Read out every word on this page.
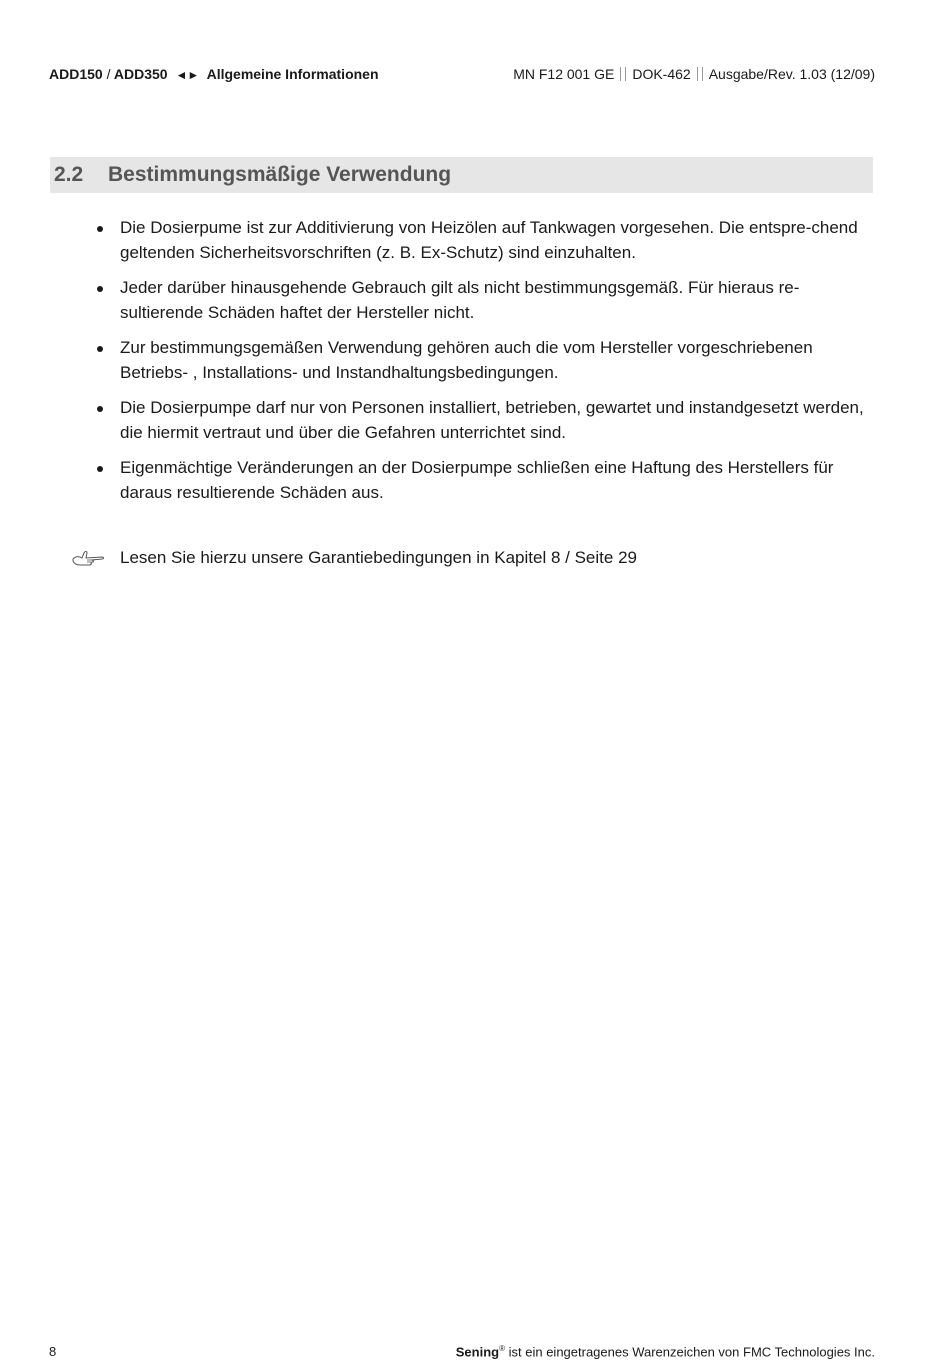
ADD150 / ADD350 ◄► Allgemeine Informationen	MN F12 001 GE DOK-462 Ausgabe/Rev. 1.03 (12/09)
2.2 Bestimmungsmäßige Verwendung
Die Dosierpume ist zur Additivierung von Heizölen auf Tankwagen vorgesehen. Die entspre-chend geltenden Sicherheitsvorschriften (z. B. Ex-Schutz) sind einzuhalten.
Jeder darüber hinausgehende Gebrauch gilt als nicht bestimmungsgemäß. Für hieraus re-sultierende Schäden haftet der Hersteller nicht.
Zur bestimmungsgemäßen Verwendung gehören auch die vom Hersteller vorgeschriebenen Betriebs- , Installations- und Instandhaltungsbedingungen.
Die Dosierpumpe darf nur von Personen installiert, betrieben, gewartet und instandgesetzt werden, die hiermit vertraut und über die Gefahren unterrichtet sind.
Eigenmächtige Veränderungen an der Dosierpumpe schließen eine Haftung des Herstellers für daraus resultierende Schäden aus.
Lesen Sie hierzu unsere Garantiebedingungen in Kapitel 8 / Seite 29
8	Sening® ist ein eingetragenes Warenzeichen von FMC Technologies Inc.
